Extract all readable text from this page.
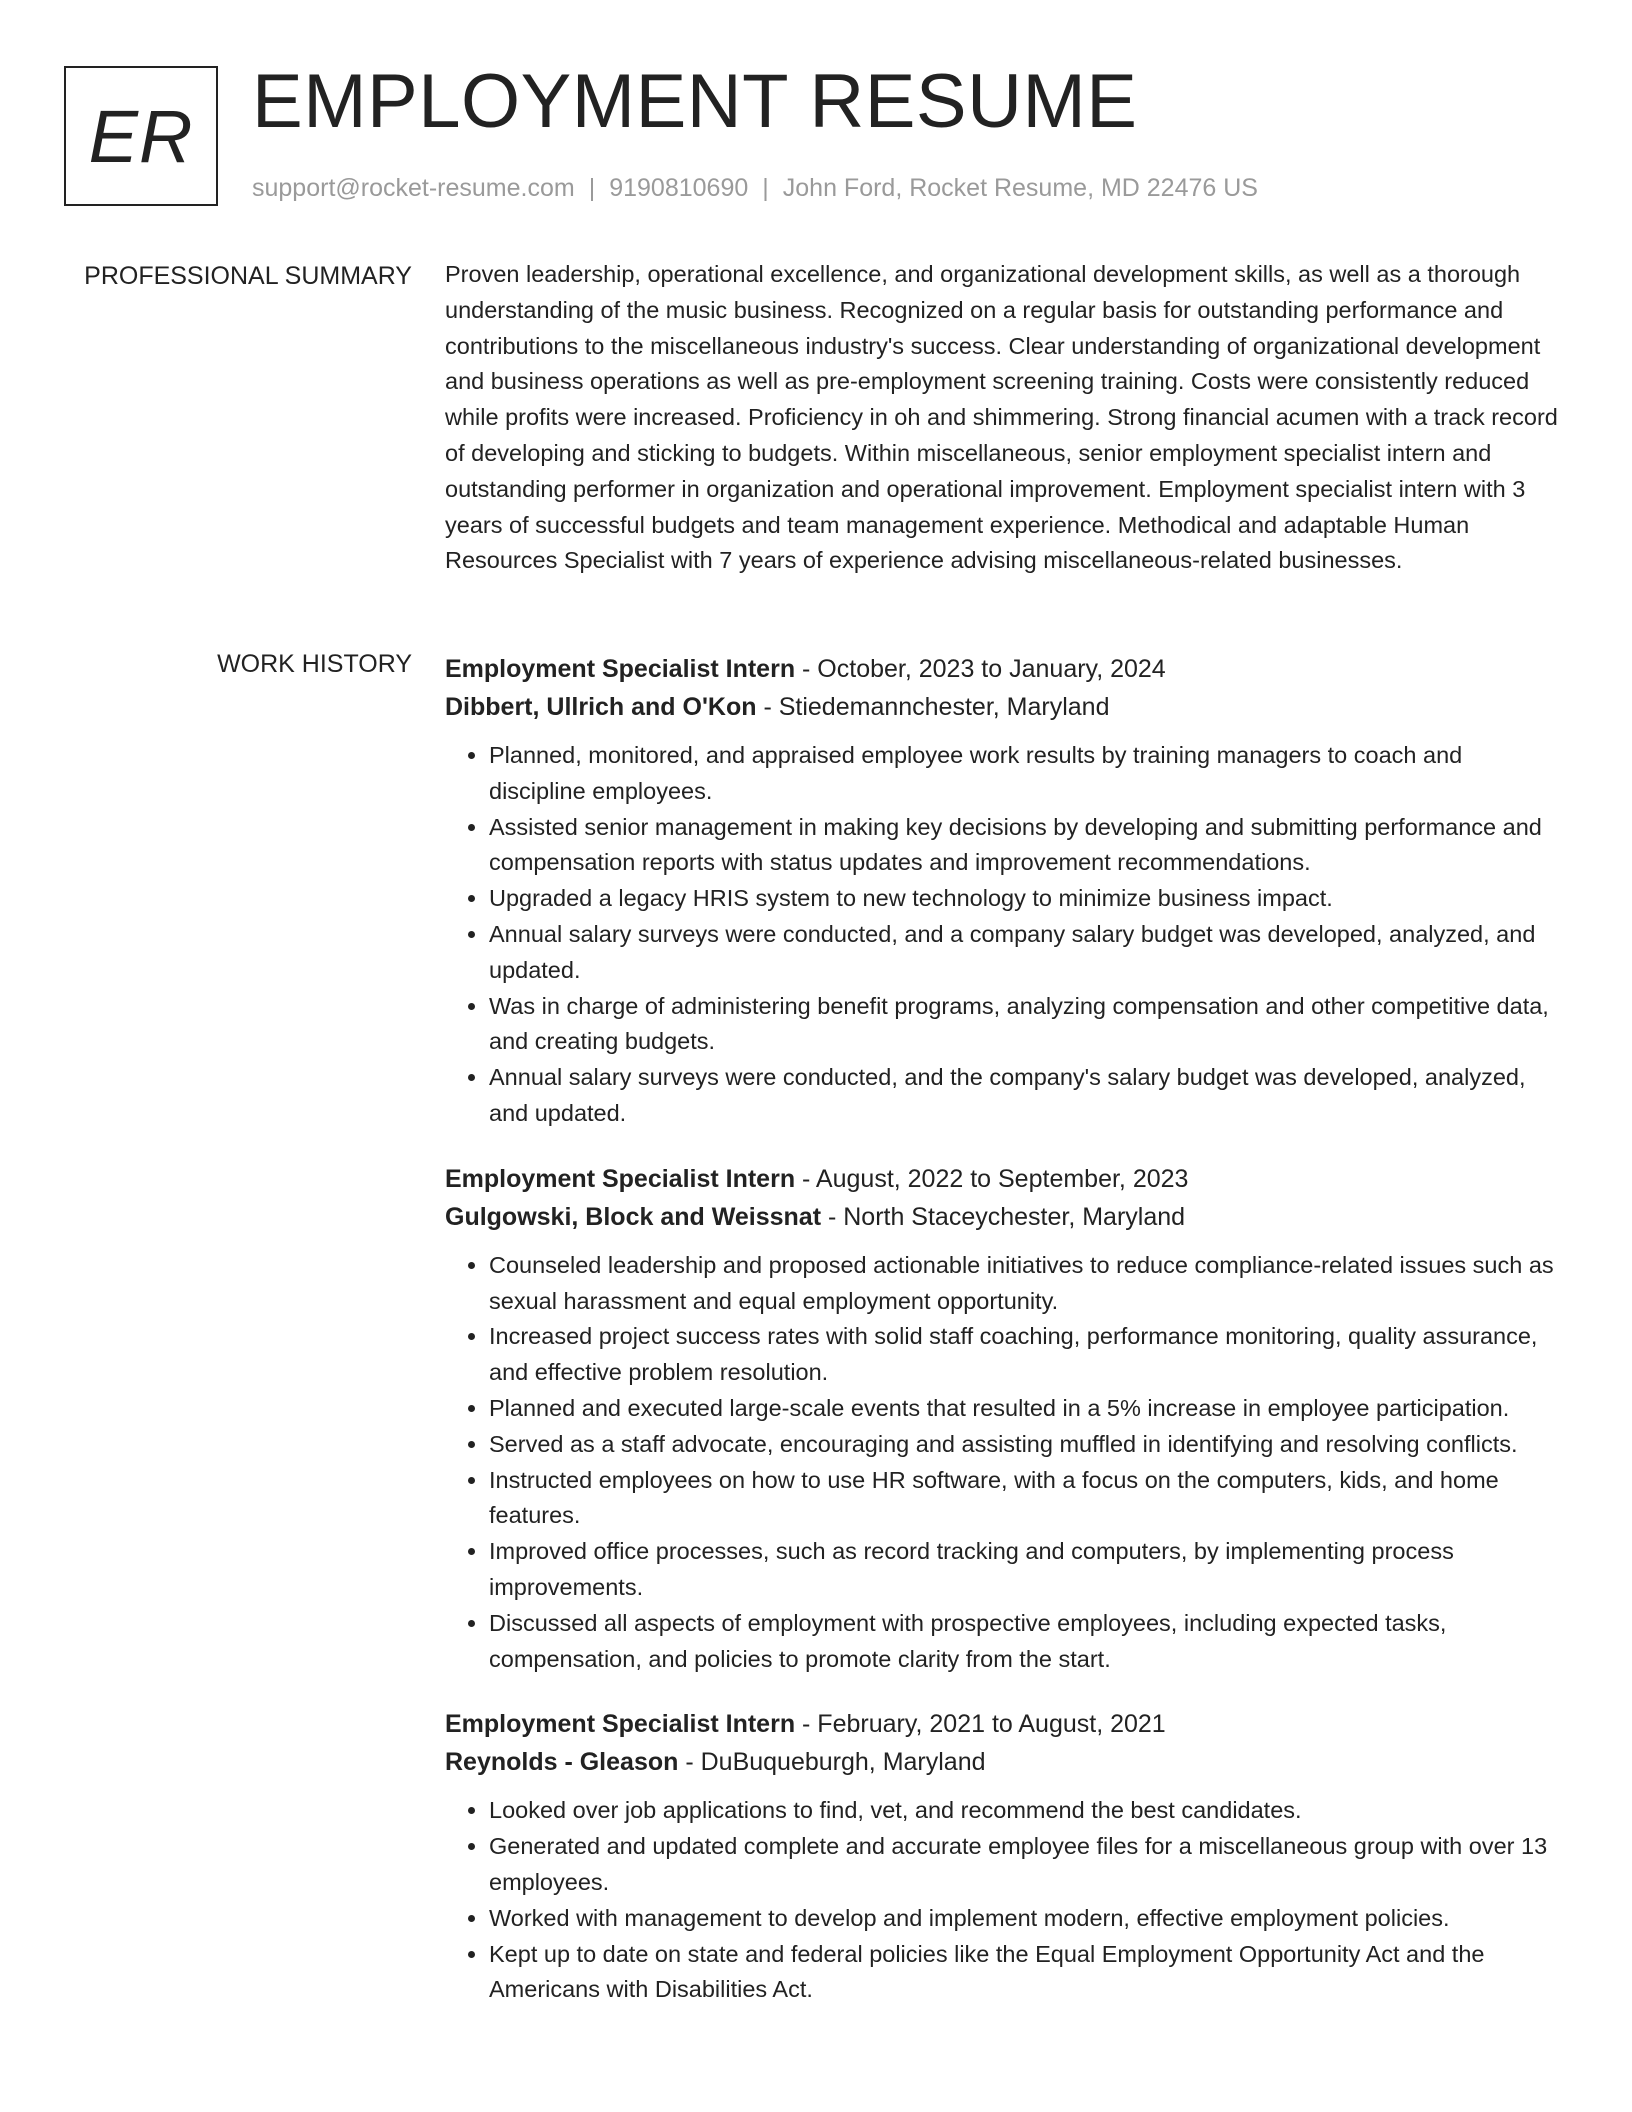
ER EMPLOYMENT RESUME
support@rocket-resume.com | 9190810690 | John Ford, Rocket Resume, MD 22476 US
PROFESSIONAL SUMMARY Proven leadership, operational excellence, and organizational development skills, as well as a thorough understanding of the music business. Recognized on a regular basis for outstanding performance and contributions to the miscellaneous industry's success. Clear understanding of organizational development and business operations as well as pre-employment screening training. Costs were consistently reduced while profits were increased. Proficiency in oh and shimmering. Strong financial acumen with a track record of developing and sticking to budgets. Within miscellaneous, senior employment specialist intern and outstanding performer in organization and operational improvement. Employment specialist intern with 3 years of successful budgets and team management experience. Methodical and adaptable Human Resources Specialist with 7 years of experience advising miscellaneous-related businesses.

WORK HISTORY Employment Specialist Intern - October, 2023 to January, 2024
Dibbert, Ullrich and O'Kon - Stiedemannchester, Maryland
• Planned, monitored, and appraised employee work results by training managers to coach and discipline employees.
• Assisted senior management in making key decisions by developing and submitting performance and compensation reports with status updates and improvement recommendations.
• Upgraded a legacy HRIS system to new technology to minimize business impact.
• Annual salary surveys were conducted, and a company salary budget was developed, analyzed, and updated.
• Was in charge of administering benefit programs, analyzing compensation and other competitive data, and creating budgets.
• Annual salary surveys were conducted, and the company's salary budget was developed, analyzed, and updated.
Employment Specialist Intern - August, 2022 to September, 2023
Gulgowski, Block and Weissnat - North Staceychester, Maryland
• Counseled leadership and proposed actionable initiatives to reduce compliance-related issues such as sexual harassment and equal employment opportunity.
• Increased project success rates with solid staff coaching, performance monitoring, quality assurance, and effective problem resolution.
• Planned and executed large-scale events that resulted in a 5% increase in employee participation.
• Served as a staff advocate, encouraging and assisting muffled in identifying and resolving conflicts.
• Instructed employees on how to use HR software, with a focus on the computers, kids, and home features.
• Improved office processes, such as record tracking and computers, by implementing process improvements.
• Discussed all aspects of employment with prospective employees, including expected tasks, compensation, and policies to promote clarity from the start.
Employment Specialist Intern - February, 2021 to August, 2021
Reynolds - Gleason - DuBuqueburgh, Maryland
• Looked over job applications to find, vet, and recommend the best candidates.
• Generated and updated complete and accurate employee files for a miscellaneous group with over 13 employees.
• Worked with management to develop and implement modern, effective employment policies.
• Kept up to date on state and federal policies like the Equal Employment Opportunity Act and the Americans with Disabilities Act.
